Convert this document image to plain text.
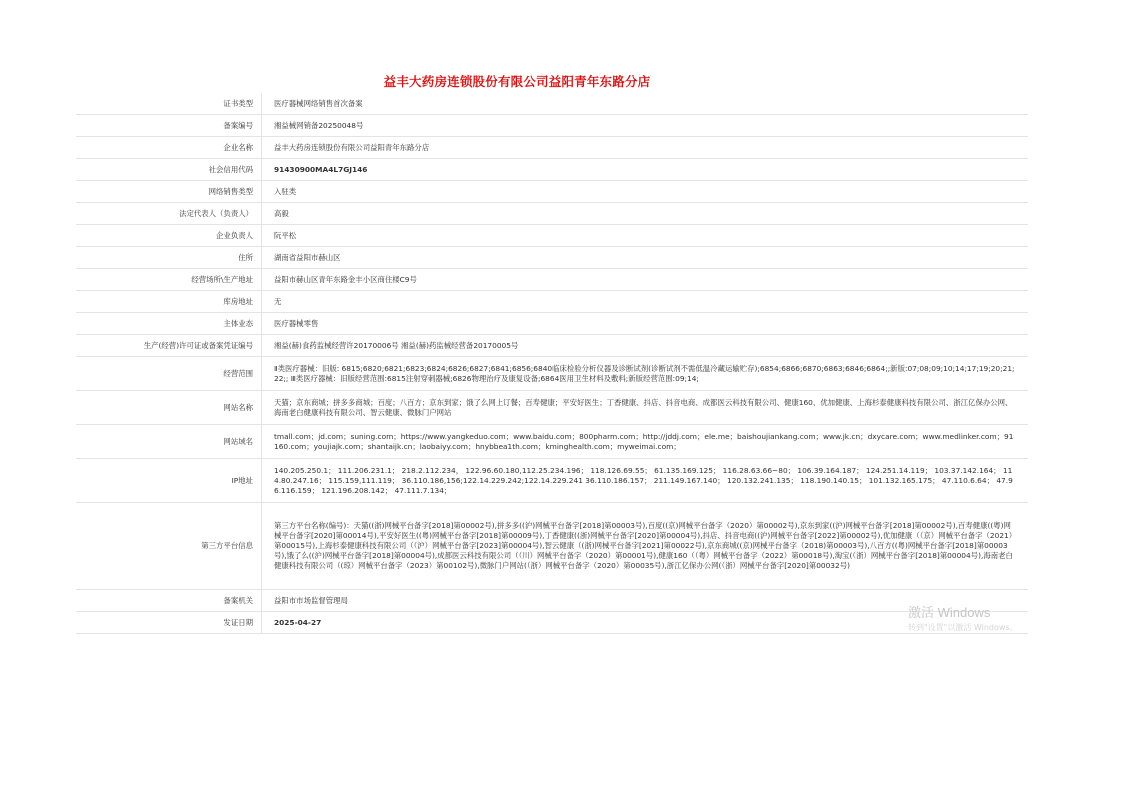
益丰大药房连锁股份有限公司益阳青年东路分店
证书类型	医疗器械网络销售首次备案
备案编号	湘益械网销备20250048号
企业名称	益丰大药房连锁股份有限公司益阳青年东路分店
社会信用代码	91430900MA4L7GJ146
网络销售类型	入驻类
法定代表人（负责人）	高毅
企业负责人	阮平松
住所	湖南省益阳市赫山区
经营场所\生产地址	益阳市赫山区青年东路金丰小区商住楼C9号
库房地址	无
主体业态	医疗器械零售
生产(经营)许可证或备案凭证编号	湘益(赫)食药监械经营许20170006号 湘益(赫)药监械经营备20170005号
经营范围	Ⅱ类医疗器械：旧版: 6815;6820;6821;6823;6824;6826;6827;6841;6856;6840临床检验分析仪器及诊断试剂(诊断试剂不需低温冷藏运输贮存);6854;6866;6870;6863;6846;6864;;新版:07;08;09;10;14;17;19;20;21;22;; Ⅲ类医疗器械：旧版经营范围:6815注射穿刺器械;6826物理治疗及康复设备;6864医用卫生材料及敷料;新版经营范围:09;14;
网站名称	天猫；京东商城；拼多多商城；百度；八百方；京东到家；饿了么网上订餐；百寿健康；平安好医生；丁香健康、抖店、抖音电商、成都医云科技有限公司、健康160、优加健康、上海杉泰健康科技有限公司、浙江亿保办公网、海南老白健康科技有限公司、智云健康、微脉门户网站
网站域名	tmall.com；jd.com；suning.com；https://www.yangkeduo.com；www.baidu.com；800pharm.com；http://jddj.com；ele.me；baishoujiankang.com；www.jk.cn；dxycare.com；www.medlinker.com；91160.com；youjiajk.com；shantaijk.cn；laobaiyy.com；hnybbea1th.com；kminghealth.com；myweimai.com；
IP地址	140.205.250.1； 111.206.231.1； 218.2.112.234， 122.96.60.180,112.25.234.196； 118.126.69.55； 61.135.169.125； 116.28.63.66~80； 106.39.164.187； 124.251.14.119； 103.37.142.164； 114.80.247.16； 115.159,111.119； 36.110.186,156;122.14.229.242;122.14.229.241 36.110.186.157； 211.149.167.140； 120.132.241.135； 118.190.140.15； 101.132.165.175； 47.110.6.64； 47.96.116.159； 121.196.208.142； 47.111.7.134；
第三方平台信息	第三方平台名称(编号)：天猫((浙)网械平台备字[2018]第00002号),拼多多((沪)网械平台备字[2018]第00003号),百度((京)网械平台备字（2020）第00002号),京东到家((沪)网械平台备字[2018]第00002号),百寿健康((粤)网械平台备字[2020]第00014号),平安好医生((粤)网械平台备字[2018]第00009号),丁香健康((浙)网械平台备字[2020]第00004号),抖店、抖音电商((沪)网械平台备字[2022]第00002号),优加健康（（京）网械平台备字（2021）第00015号),上海杉泰健康科技有限公司（（沪）网械平台备字[2023]第00004号),智云健康（(浙)网械平台备字[2021]第00022号),京东商城((京)网械平台备字（2018)第00003号),八百方((粤)网械平台备字[2018]第00003号),饿了么((沪)网械平台备字[2018]第00004号),成都医云科技有限公司（（川）网械平台备字（2020）第00001号),健康160（（粤）网械平台备字（2022）第00018号),淘宝(（浙）网械平台备字[2018]第00004号),海南老白健康科技有限公司（(琼）网械平台备字（2023）第00102号),微脉门户网站(（浙）网械平台备字（2020）第00035号),浙江亿保办公网(（浙）网械平台备字[2020]第00032号)
备案机关	益阳市市场监督管理局
发证日期	2025-04-27
激活 Windows
转到"设置"以激活 Windows。
